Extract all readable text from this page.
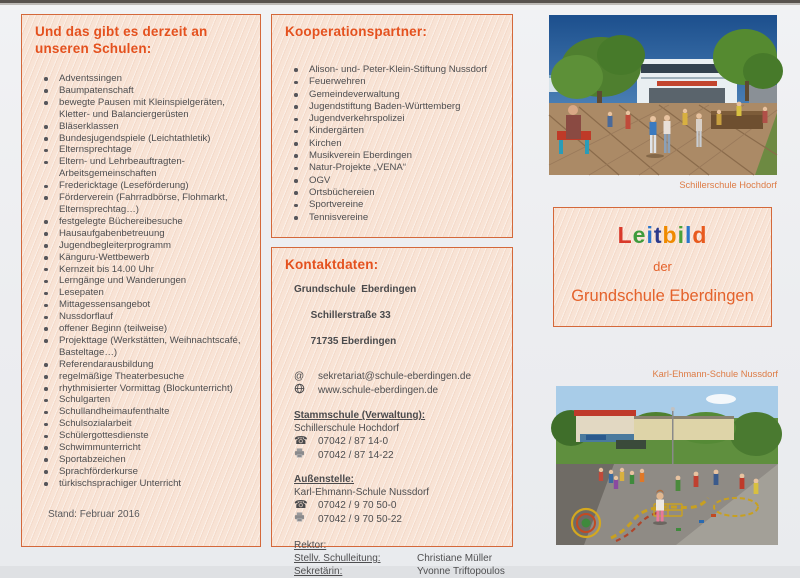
Und das gibt es derzeit an unseren Schulen:
Adventssingen
Baumpatenschaft
bewegte Pausen mit Kleinspielgeräten, Kletter- und Balanciergerüsten
Bläserklassen
Bundesjugendspiele (Leichtathletik)
Elternsprechtage
Eltern- und Lehrbeauftragten-Arbeitsgemeinschaften
Fredericktage (Leseförderung)
Förderverein (Fahrradbörse, Flohmarkt, Elternsprechtag…)
festgelegte Büchereibesuche
Hausaufgabenbetreuung
Jugendbegleiterprogramm
Känguru-Wettbewerb
Kernzeit bis 14.00 Uhr
Lerngänge und Wanderungen
Lesepaten
Mittagessensangebot
Nussdorflauf
offener Beginn (teilweise)
Projekttage (Werkstätten, Weihnachtscafé, Basteltage…)
Referendarausbildung
regelmäßige Theaterbesuche
rhythmisierter Vormittag (Blockunterricht)
Schulgarten
Schullandheimaufenthalte
Schulsozialarbeit
Schülergottesdienste
Schwimmunterricht
Sportabzeichen
Sprachförderkurse
türkischsprachiger Unterricht
Stand: Februar 2016
Kooperationspartner:
Alison- und- Peter-Klein-Stiftung Nussdorf
Feuerwehren
Gemeindeverwaltung
Jugendstiftung Baden-Württemberg
Jugendverkehrspolizei
Kindergärten
Kirchen
Musikverein Eberdingen
Natur-Projekte „VENA“
OGV
Ortsbüchereien
Sportvereine
Tennisvereine
Kontaktdaten:
Grundschule  Eberdingen

Schillerstraße 33

71735 Eberdingen

@	sekretariat@schule-eberdingen.de
www.schule-eberdingen.de
Stammschule (Verwaltung):
Schillerschule Hochdorf
☎	07042 / 87 14-0
07042 / 87 14-22
Außenstelle:
Karl-Ehmann-Schule Nussdorf
☎	07042 / 9 70 50-0
07042 / 9 70 50-22
Rektor:
Stellv. Schulleitung:	Christiane Müller
Sekretärin:	Yvonne Triftopoulos
Schillerschule Hochdorf
Leitbild
der
Grundschule Eberdingen
Karl-Ehmann-Schule Nussdorf
